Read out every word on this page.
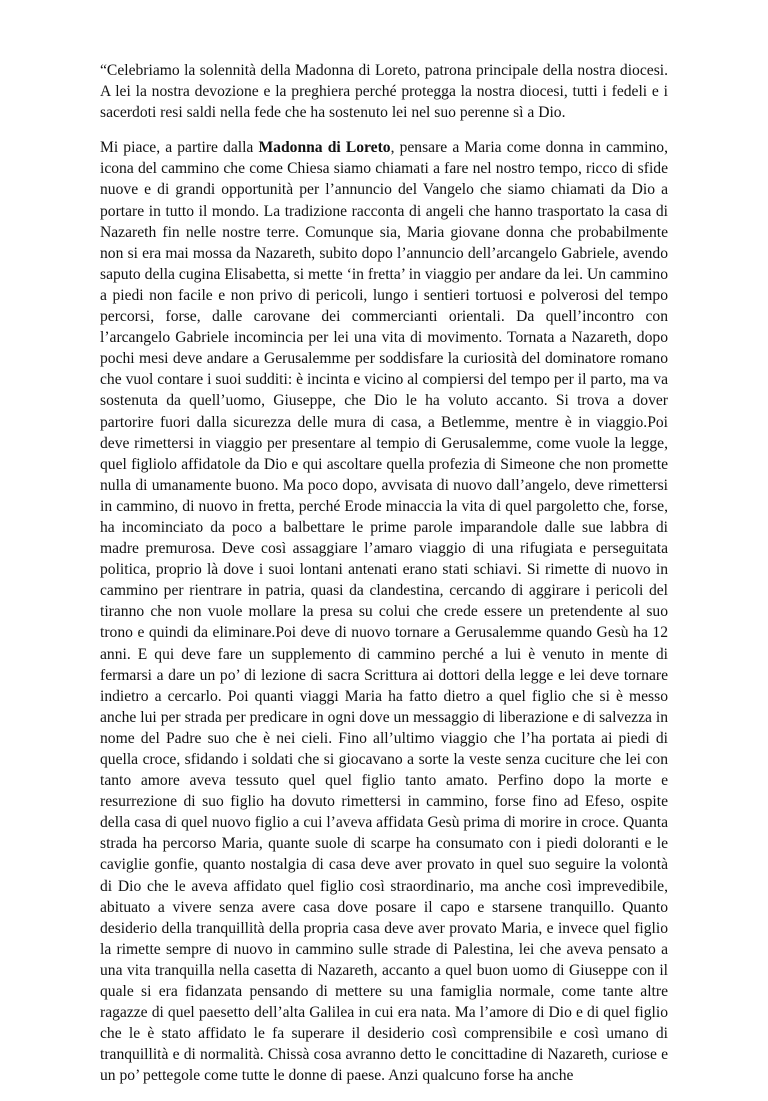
“Celebriamo la solennità della Madonna di Loreto, patrona principale della nostra diocesi. A lei la nostra devozione e la preghiera perché protegga la nostra diocesi, tutti i fedeli e i sacerdoti resi saldi nella fede che ha sostenuto lei nel suo perenne sì a Dio.

Mi piace, a partire dalla Madonna di Loreto, pensare a Maria come donna in cammino, icona del cammino che come Chiesa siamo chiamati a fare nel nostro tempo, ricco di sfide nuove e di grandi opportunità per l’annuncio del Vangelo che siamo chiamati da Dio a portare in tutto il mondo. La tradizione racconta di angeli che hanno trasportato la casa di Nazareth fin nelle nostre terre. Comunque sia, Maria giovane donna che probabilmente non si era mai mossa da Nazareth, subito dopo l’annuncio dell’arcangelo Gabriele, avendo saputo della cugina Elisabetta, si mette ‘in fretta’ in viaggio per andare da lei. Un cammino a piedi non facile e non privo di pericoli, lungo i sentieri tortuosi e polverosi del tempo percorsi, forse, dalle carovane dei commercianti orientali. Da quell’incontro con l’arcangelo Gabriele incomincia per lei una vita di movimento. Tornata a Nazareth, dopo pochi mesi deve andare a Gerusalemme per soddisfare la curiosità del dominatore romano che vuol contare i suoi sudditi: è incinta e vicino al compiersi del tempo per il parto, ma va sostenuta da quell’uomo, Giuseppe, che Dio le ha voluto accanto. Si trova a dover partorire fuori dalla sicurezza delle mura di casa, a Betlemme, mentre è in viaggio.Poi deve rimettersi in viaggio per presentare al tempio di Gerusalemme, come vuole la legge, quel figliolo affidatole da Dio e qui ascoltare quella profezia di Simeone che non promette nulla di umanamente buono. Ma poco dopo, avvisata di nuovo dall’angelo, deve rimettersi in cammino, di nuovo in fretta, perché Erode minaccia la vita di quel pargoletto che, forse, ha incominciato da poco a balbettare le prime parole imparandole dalle sue labbra di madre premurosa. Deve così assaggiare l’amaro viaggio di una rifugiata e perseguitata politica, proprio là dove i suoi lontani antenati erano stati schiavi. Si rimette di nuovo in cammino per rientrare in patria, quasi da clandestina, cercando di aggirare i pericoli del tiranno che non vuole mollare la presa su colui che crede essere un pretendente al suo trono e quindi da eliminare.Poi deve di nuovo tornare a Gerusalemme quando Gesù ha 12 anni. E qui deve fare un supplemento di cammino perché a lui è venuto in mente di fermarsi a dare un po’ di lezione di sacra Scrittura ai dottori della legge e lei deve tornare indietro a cercarlo. Poi quanti viaggi Maria ha fatto dietro a quel figlio che si è messo anche lui per strada per predicare in ogni dove un messaggio di liberazione e di salvezza in nome del Padre suo che è nei cieli. Fino all’ultimo viaggio che l’ha portata ai piedi di quella croce, sfidando i soldati che si giocavano a sorte la veste senza cuciture che lei con tanto amore aveva tessuto quel quel figlio tanto amato. Perfino dopo la morte e resurrezione di suo figlio ha dovuto rimettersi in cammino, forse fino ad Efeso, ospite della casa di quel nuovo figlio a cui l’aveva affidata Gesù prima di morire in croce. Quanta strada ha percorso Maria, quante suole di scarpe ha consumato con i piedi doloranti e le caviglie gonfie, quanto nostalgia di casa deve aver provato in quel suo seguire la volontà di Dio che le aveva affidato quel figlio così straordinario, ma anche così imprevedibile, abituato a vivere senza avere casa dove posare il capo e starsene tranquillo. Quanto desiderio della tranquillità della propria casa deve aver provato Maria, e invece quel figlio la rimette sempre di nuovo in cammino sulle strade di Palestina, lei che aveva pensato a una vita tranquilla nella casetta di Nazareth, accanto a quel buon uomo di Giuseppe con il quale si era fidanzata pensando di mettere su una famiglia normale, come tante altre ragazze di quel paesetto dell’alta Galilea in cui era nata. Ma l’amore di Dio e di quel figlio che le è stato affidato le fa superare il desiderio così comprensibile e così umano di tranquillità e di normalità. Chissà cosa avranno detto le concittadine di Nazareth, curiose e un po’ pettegole come tutte le donne di paese. Anzi qualcuno forse ha anche
